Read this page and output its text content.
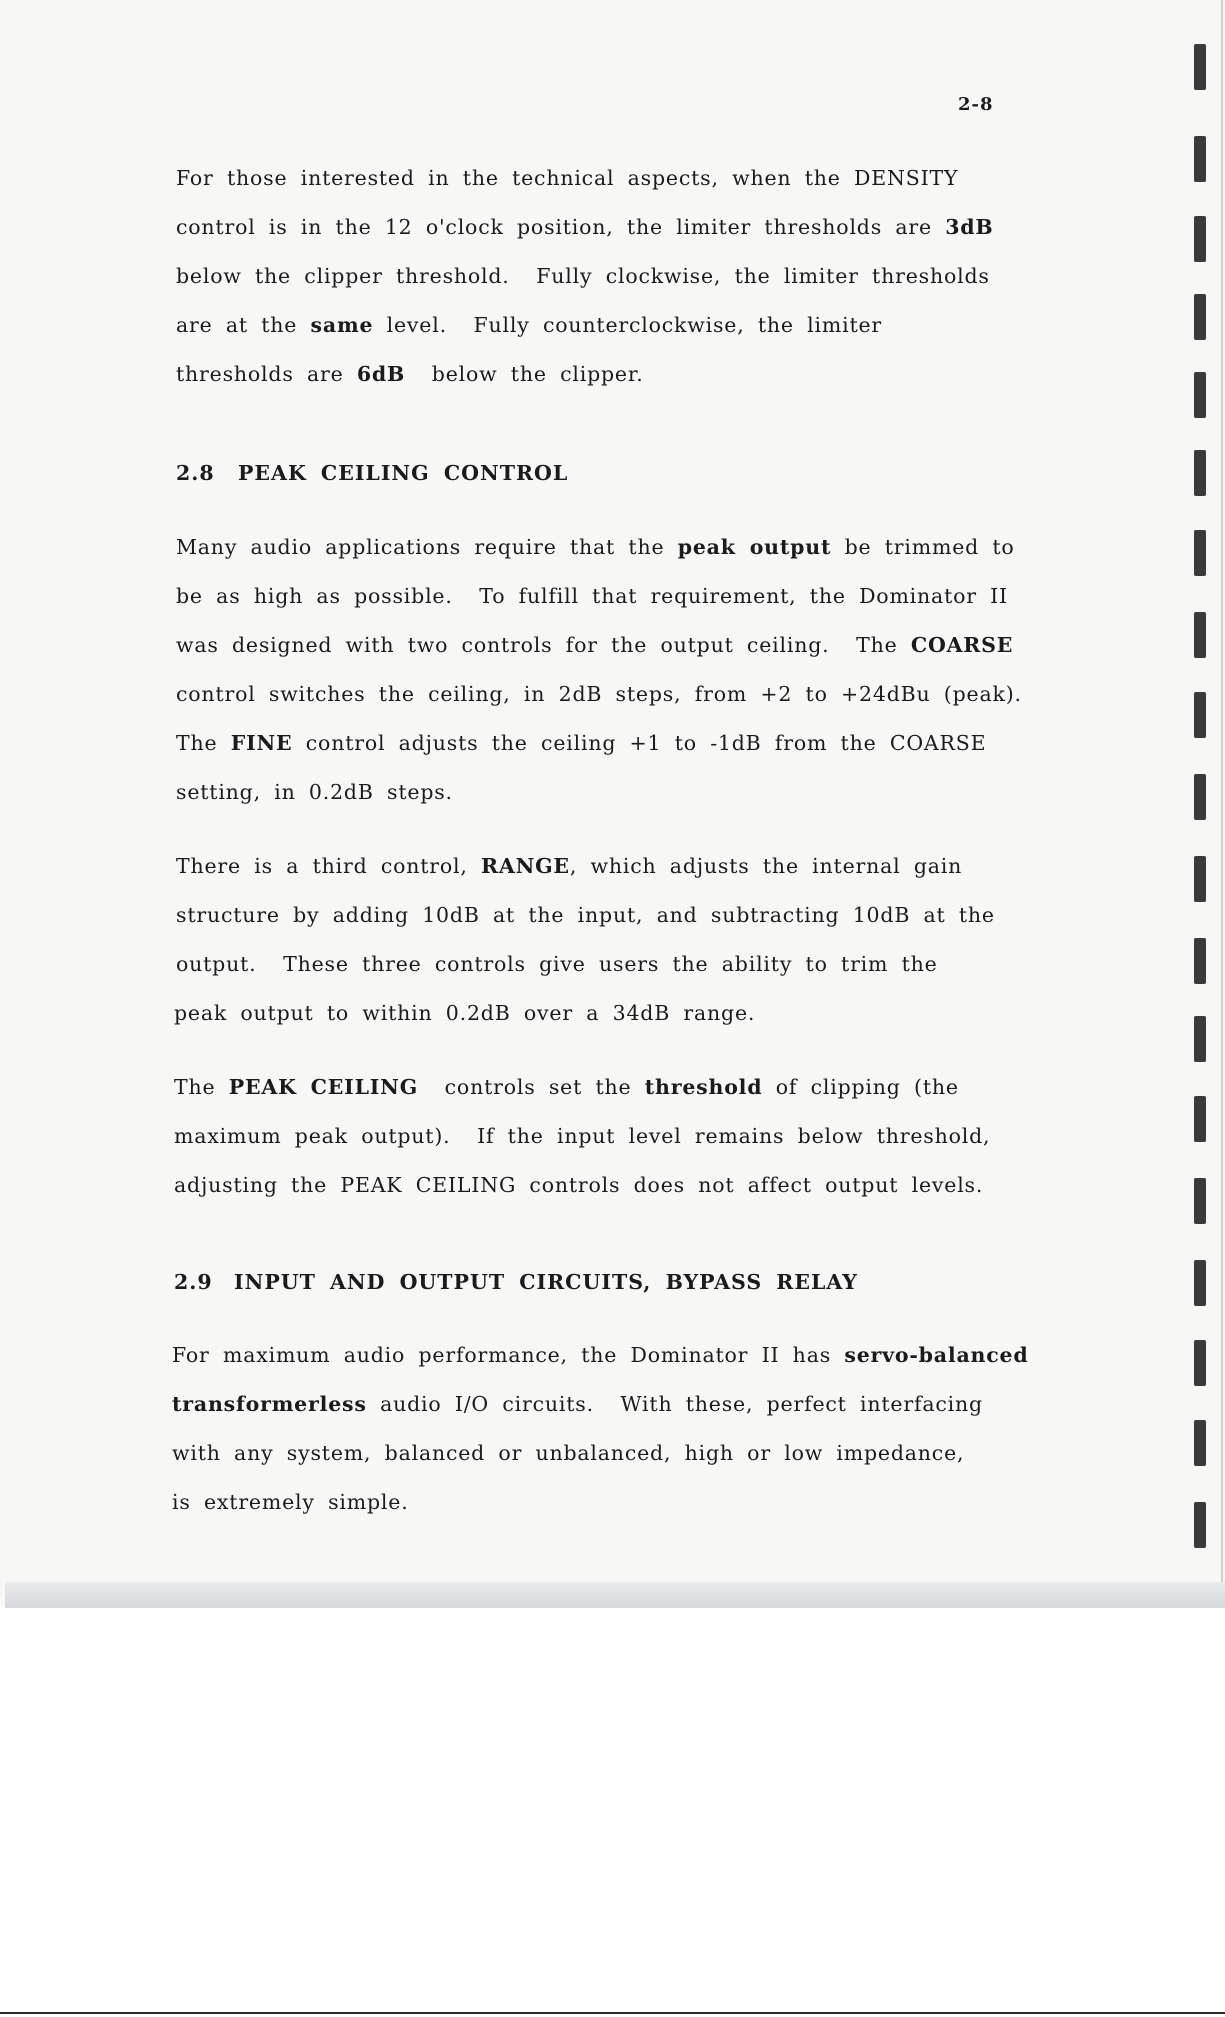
2-8
For those interested in the technical aspects, when the DENSITY
control is in the 12 o'clock position, the limiter thresholds are 3dB
below the clipper threshold.  Fully clockwise, the limiter thresholds
are at the same level.  Fully counterclockwise, the limiter
thresholds are 6dB  below the clipper.
2.8 PEAK CEILING CONTROL
Many audio applications require that the peak output be trimmed to
be as high as possible.  To fulfill that requirement, the Dominator II
was designed with two controls for the output ceiling.  The COARSE
control switches the ceiling, in 2dB steps, from +2 to +24dBu (peak).
The FINE control adjusts the ceiling +1 to -1dB from the COARSE
setting, in 0.2dB steps.
There is a third control, RANGE, which adjusts the internal gain
structure by adding 10dB at the input, and subtracting 10dB at the
output.  These three controls give users the ability to trim the
peak output to within 0.2dB over a 34dB range.
The PEAK CEILING  controls set the threshold of clipping (the
maximum peak output).  If the input level remains below threshold,
adjusting the PEAK CEILING controls does not affect output levels.
2.9 INPUT AND OUTPUT CIRCUITS, BYPASS RELAY
For maximum audio performance, the Dominator II has servo-balanced
transformerless audio I/O circuits.  With these, perfect interfacing
with any system, balanced or unbalanced, high or low impedance,
is extremely simple.
